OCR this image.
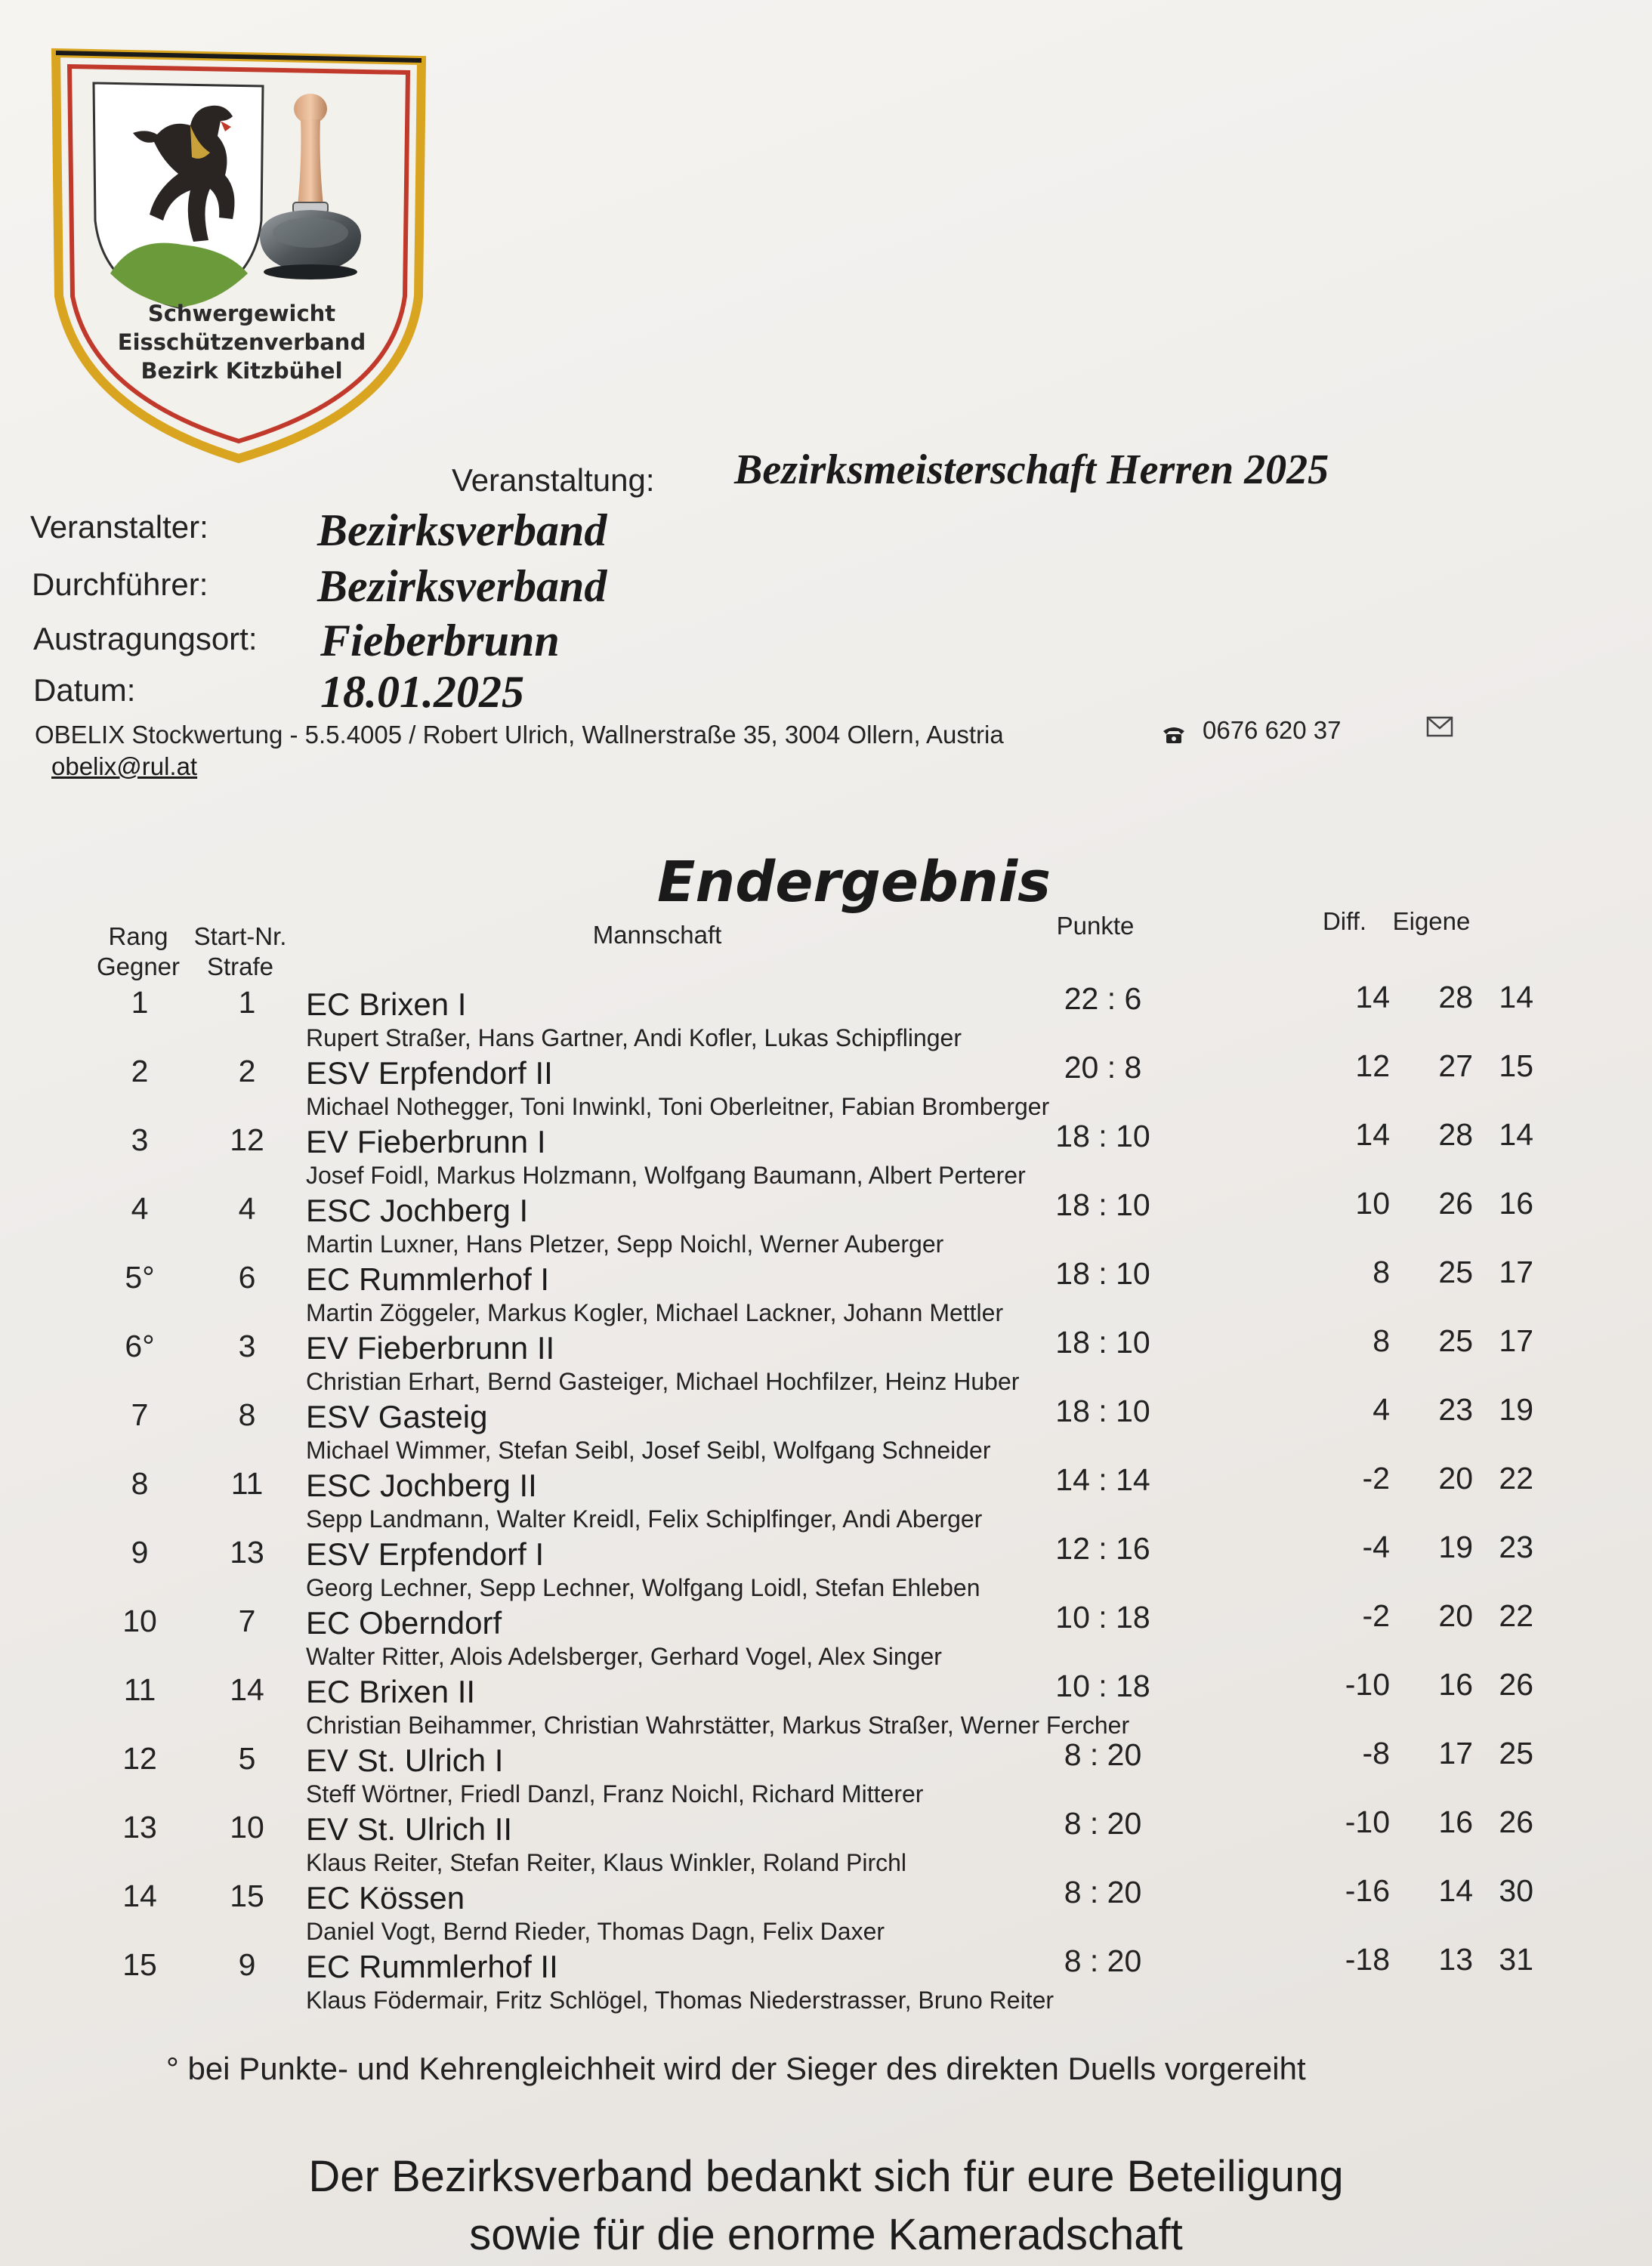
Schwergewicht
Eisschützenverband
Bezirk Kitzbühel
Veranstaltung: Bezirksmeisterschaft Herren 2025
Veranstalter: Bezirksverband
Durchführer: Bezirksverband
Austragungsort: Fieberbrunn
Datum:	18.01.2025
OBELIX Stockwertung - 5.5.4005 / Robert Ulrich, Wallnerstraße 35, 3004 Ollern, Austria	0676 620 37
obelix@rul.at
Endergebnis
Rang
Gegner
Start-Nr.
Strafe
Mannschaft	Punkte	Diff.	Eigene
1	1	EC Brixen I
Rupert Straßer, Hans Gartner, Andi Kofler, Lukas Schipflinger
22 : 6	14	28 14
2	2	ESV Erpfendorf II
Michael Nothegger, Toni Inwinkl, Toni Oberleitner, Fabian Bromberger
20 : 8	12	27 15
3	12	EV Fieberbrunn I
Josef Foidl, Markus Holzmann, Wolfgang Baumann, Albert Perterer
18 : 10	14	28 14
4	4	ESC Jochberg I
Martin Luxner, Hans Pletzer, Sepp Noichl, Werner Auberger
18 : 10	10	26 16
5°	6	EC Rummlerhof I
Martin Zöggeler, Markus Kogler, Michael Lackner, Johann Mettler
18 : 10	8	25 17
6°	3	EV Fieberbrunn II
Christian Erhart, Bernd Gasteiger, Michael Hochfilzer, Heinz Huber
18 : 10	8	25 17
7	8	ESV Gasteig
Michael Wimmer, Stefan Seibl, Josef Seibl, Wolfgang Schneider
18 : 10	4	23 19
8	11	ESC Jochberg II
Sepp Landmann, Walter Kreidl, Felix Schiplfinger, Andi Aberger
14 : 14	-2	20 22
9	13	ESV Erpfendorf I
Georg Lechner, Sepp Lechner, Wolfgang Loidl, Stefan Ehleben
12 : 16	-4	19 23
10	7	EC Oberndorf
Walter Ritter, Alois Adelsberger, Gerhard Vogel, Alex Singer
10 : 18	-2	20 22
11	14	EC Brixen II
Christian Beihammer, Christian Wahrstätter, Markus Straßer, Werner Fercher
10 : 18	-10	16 26
12	5	EV St. Ulrich I
Steff Wörtner, Friedl Danzl, Franz Noichl, Richard Mitterer
8 : 20	-8	17 25
13	10	EV St. Ulrich II
Klaus Reiter, Stefan Reiter, Klaus Winkler, Roland Pirchl
8 : 20	-10	16 26
14	15	EC Kössen
Daniel Vogt, Bernd Rieder, Thomas Dagn, Felix Daxer
8 : 20	-16	14 30
15	9	EC Rummlerhof II
Klaus Födermair, Fritz Schlögel, Thomas Niederstrasser, Bruno Reiter
8 : 20	-18	13 31
° bei Punkte- und Kehrengleichheit wird der Sieger des direkten Duells vorgereiht
Der Bezirksverband bedankt sich für eure Beteiligung
sowie für die enorme Kameradschaft
